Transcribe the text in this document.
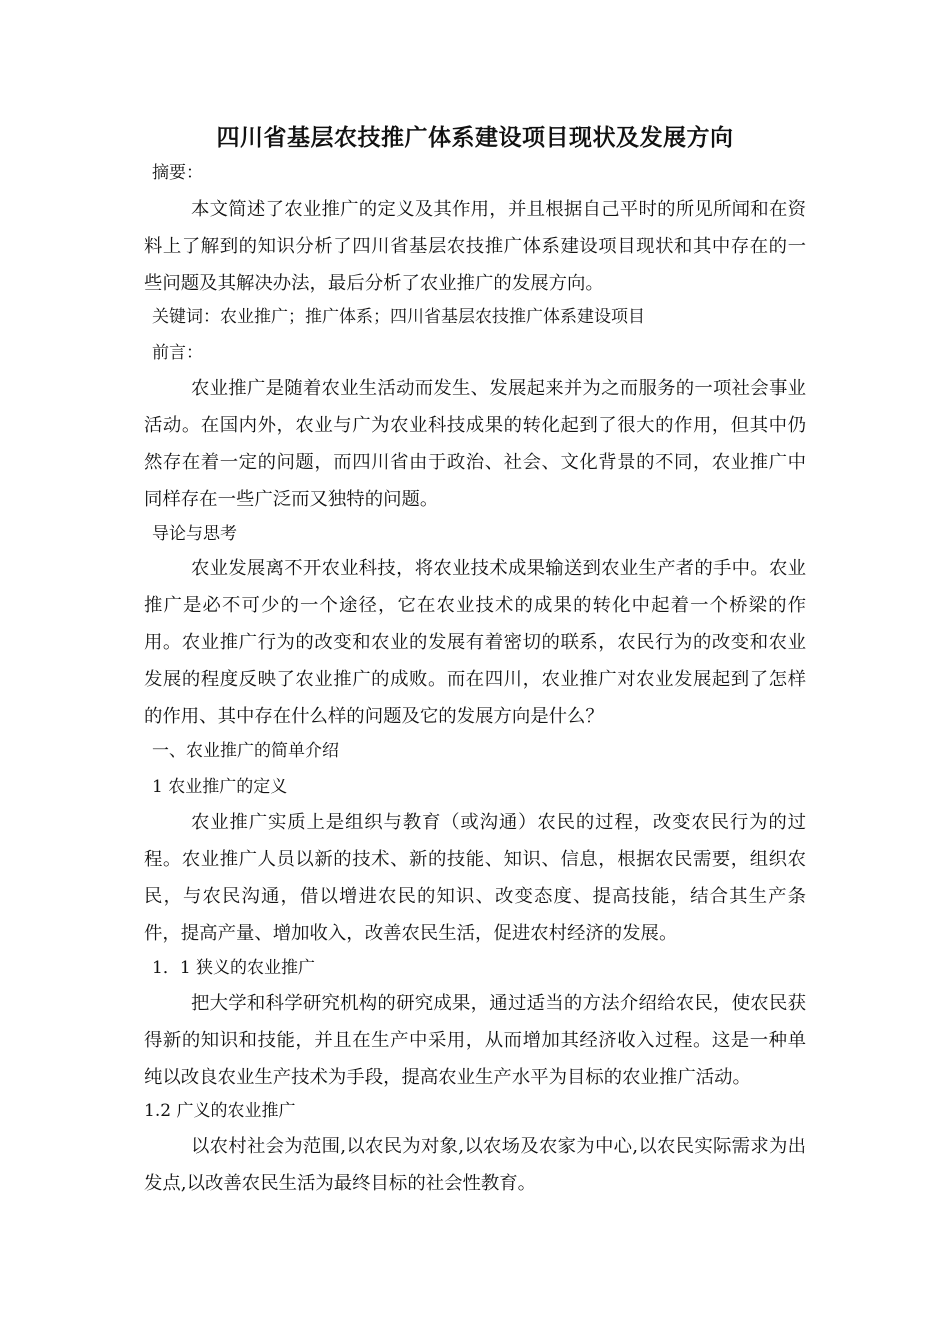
四川省基层农技推广体系建设项目现状及发展方向
摘要：
本文简述了农业推广的定义及其作用，并且根据自己平时的所见所闻和在资料上了解到的知识分析了四川省基层农技推广体系建设项目现状和其中存在的一些问题及其解决办法，最后分析了农业推广的发展方向。
关键词：农业推广；推广体系；四川省基层农技推广体系建设项目
前言：
农业推广是随着农业生活动而发生、发展起来并为之而服务的一项社会事业活动。在国内外，农业与广为农业科技成果的转化起到了很大的作用，但其中仍然存在着一定的问题，而四川省由于政治、社会、文化背景的不同，农业推广中同样存在一些广泛而又独特的问题。
导论与思考
农业发展离不开农业科技，将农业技术成果输送到农业生产者的手中。农业推广是必不可少的一个途径，它在农业技术的成果的转化中起着一个桥梁的作用。农业推广行为的改变和农业的发展有着密切的联系，农民行为的改变和农业发展的程度反映了农业推广的成败。而在四川，农业推广对农业发展起到了怎样的作用、其中存在什么样的问题及它的发展方向是什么？
一、农业推广的简单介绍
1 农业推广的定义
农业推广实质上是组织与教育（或沟通）农民的过程，改变农民行为的过程。农业推广人员以新的技术、新的技能、知识、信息，根据农民需要，组织农民，与农民沟通，借以增进农民的知识、改变态度、提高技能，结合其生产条件，提高产量、增加收入，改善农民生活，促进农村经济的发展。
1．1 狭义的农业推广
把大学和科学研究机构的研究成果，通过适当的方法介绍给农民，使农民获得新的知识和技能，并且在生产中采用，从而增加其经济收入过程。这是一种单纯以改良农业生产技术为手段，提高农业生产水平为目标的农业推广活动。
1.2 广义的农业推广
以农村社会为范围,以农民为对象,以农场及农家为中心,以农民实际需求为出发点,以改善农民生活为最终目标的社会性教育。
